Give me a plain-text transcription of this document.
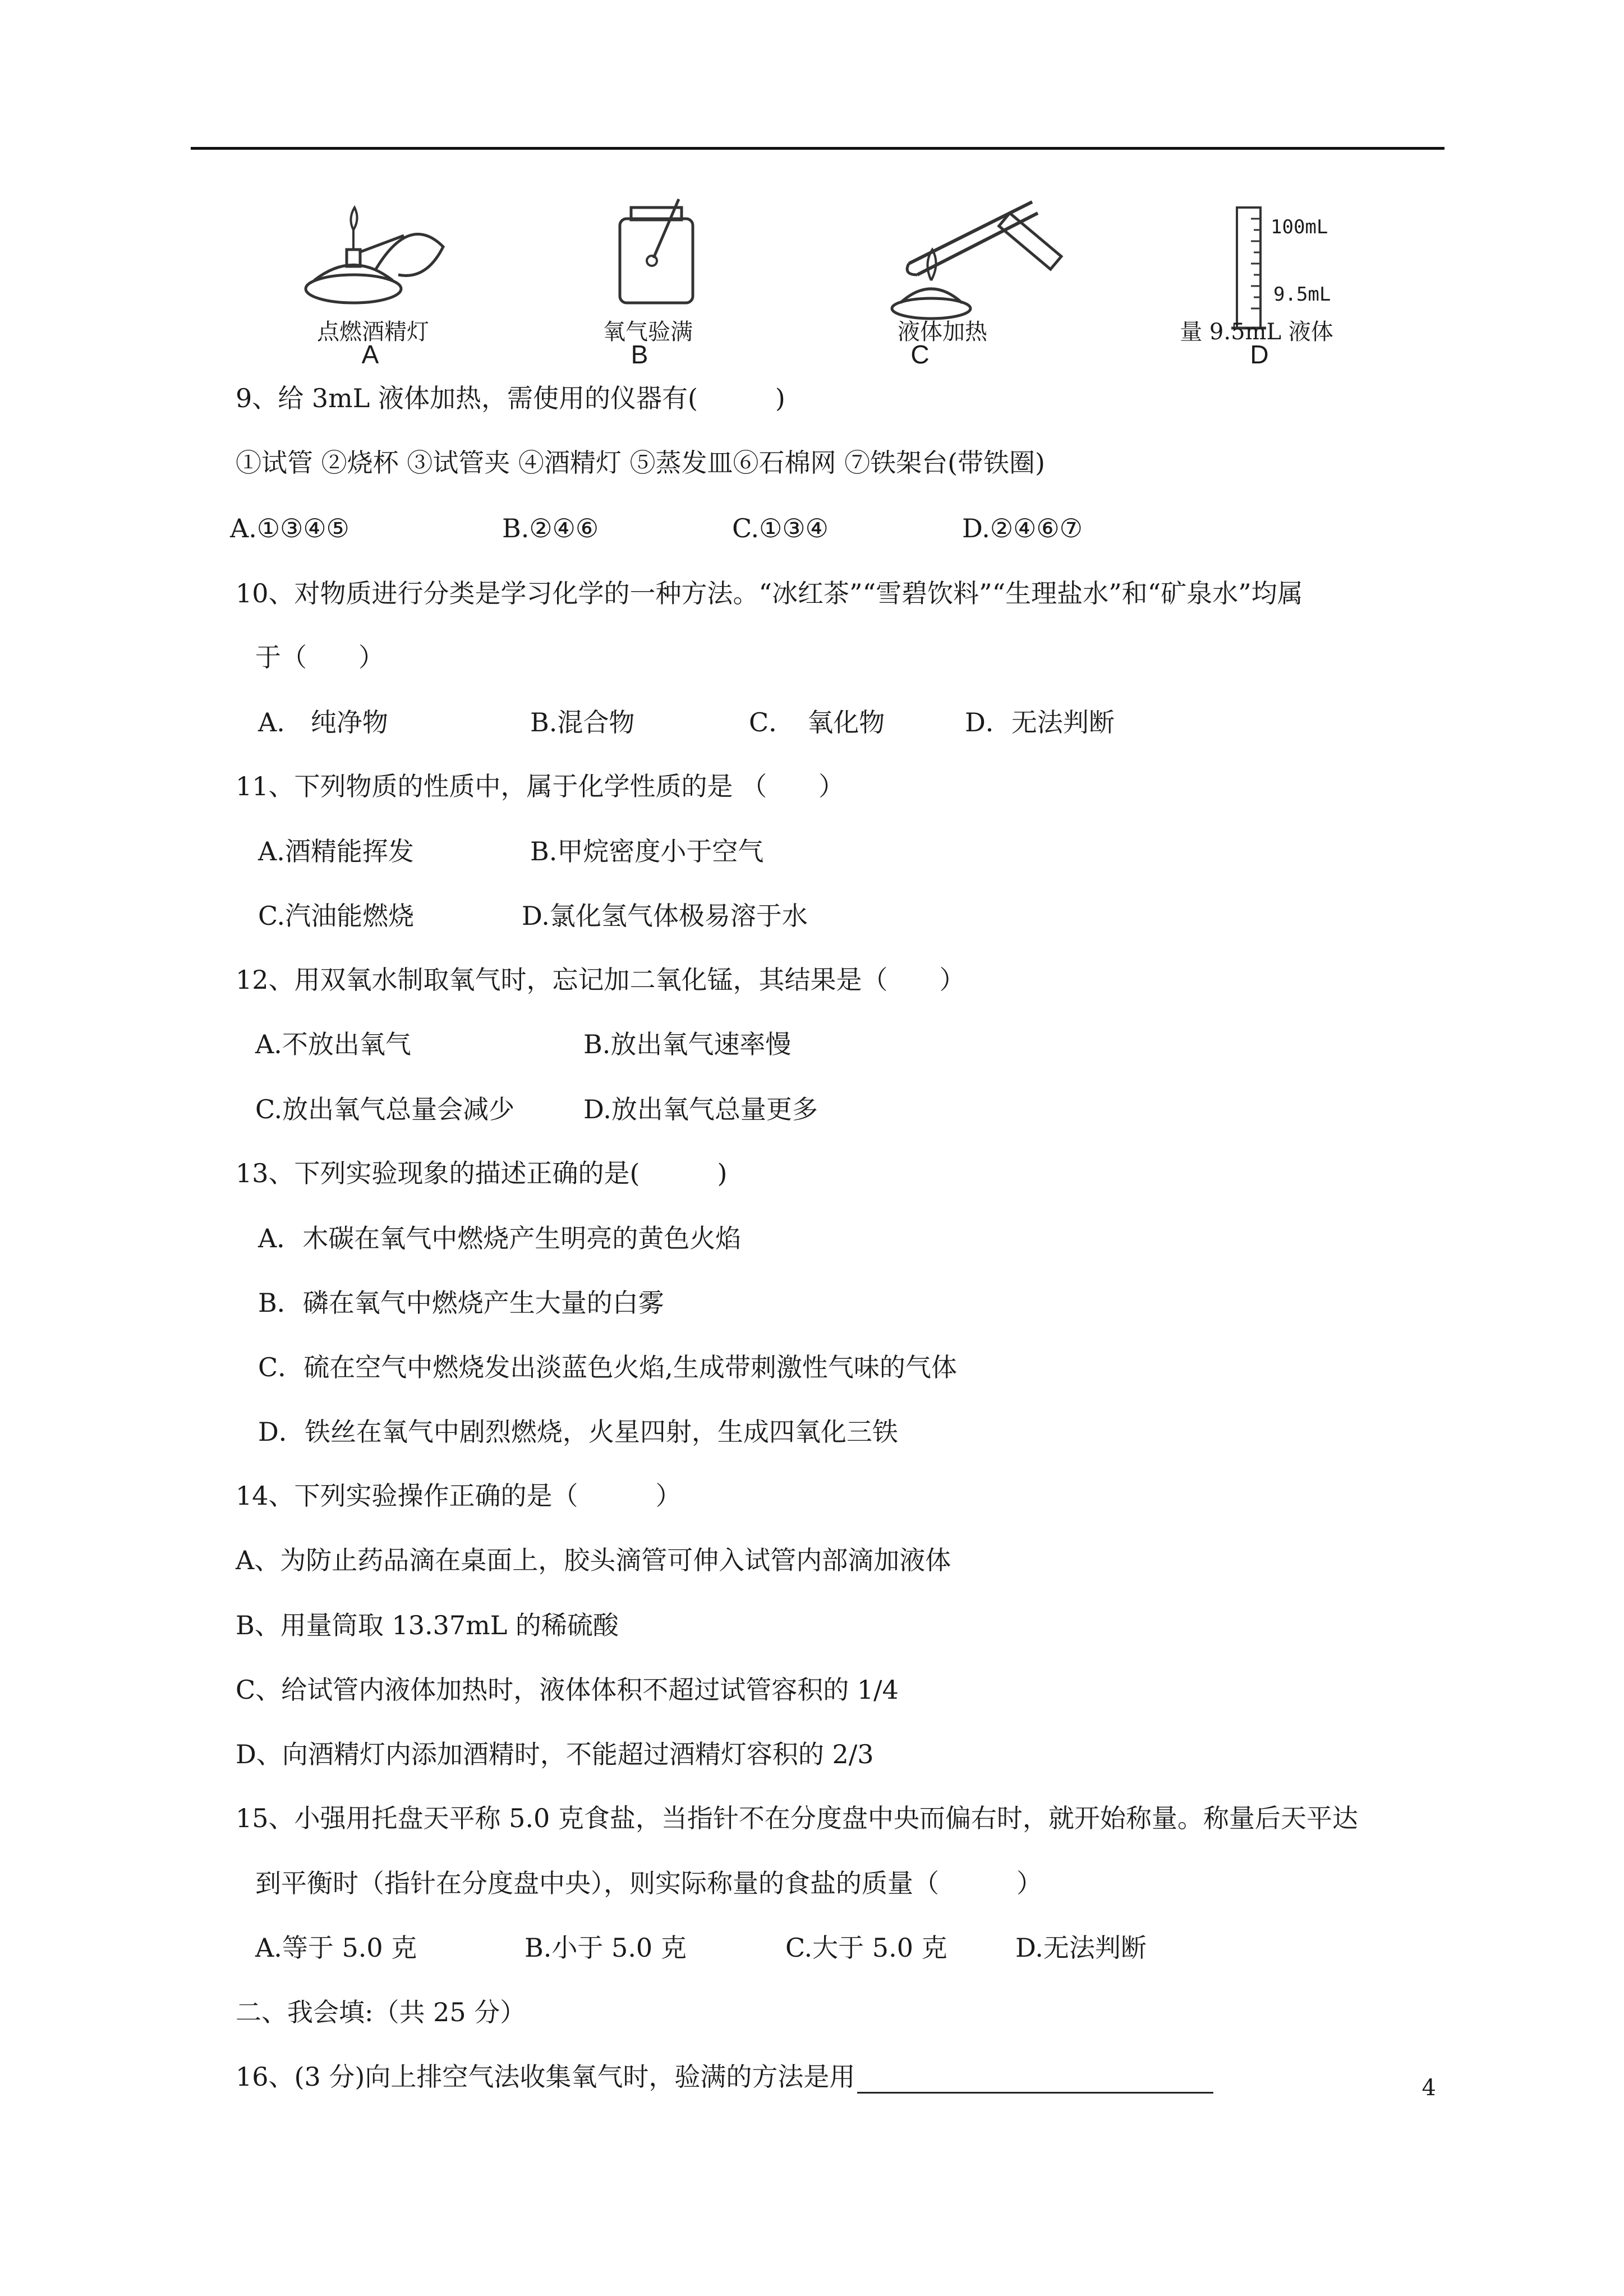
点燃酒精灯
A
氧气验满
B
液体加热
C
100mL
9.5mL
量 9.5mL 液体
D
9、给 3mL 液体加热，需使用的仪器有(　　　)
①试管 ②烧杯 ③试管夹 ④酒精灯 ⑤蒸发皿⑥石棉网 ⑦铁架台(带铁圈)
A.①③④⑤	B.②④⑥	C.①③④	D.②④⑥⑦
10、对物质进行分类是学习化学的一种方法。“冰红茶”“雪碧饮料”“生理盐水”和“矿泉水”均属
于（　　）
A.　纯净物	B.混合物	C．　氧化物	D．无法判断
11、下列物质的性质中，属于化学性质的是 （　　）
A.酒精能挥发	B.甲烷密度小于空气
C.汽油能燃烧	D.氯化氢气体极易溶于水
12、用双氧水制取氧气时，忘记加二氧化锰，其结果是（　　）
A.不放出氧气	B.放出氧气速率慢
C.放出氧气总量会减少	D.放出氧气总量更多
13、下列实验现象的描述正确的是(　　　)
A．木碳在氧气中燃烧产生明亮的黄色火焰
B．磷在氧气中燃烧产生大量的白雾
C．硫在空气中燃烧发出淡蓝色火焰,生成带刺激性气味的气体
D．铁丝在氧气中剧烈燃烧，火星四射，生成四氧化三铁
14、下列实验操作正确的是（　　　）
A、为防止药品滴在桌面上，胶头滴管可伸入试管内部滴加液体
B、用量筒取 13.37mL 的稀硫酸
C、给试管内液体加热时，液体体积不超过试管容积的 1/4
D、向酒精灯内添加酒精时，不能超过酒精灯容积的 2/3
15、小强用托盘天平称 5.0 克食盐，当指针不在分度盘中央而偏右时，就开始称量。称量后天平达
到平衡时（指针在分度盘中央），则实际称量的食盐的质量（　　　）
A.等于 5.0 克	B.小于 5.0 克	C.大于 5.0 克	D.无法判断
二、我会填:（共 25 分）
16、(3 分)向上排空气法收集氧气时，验满的方法是用	4
